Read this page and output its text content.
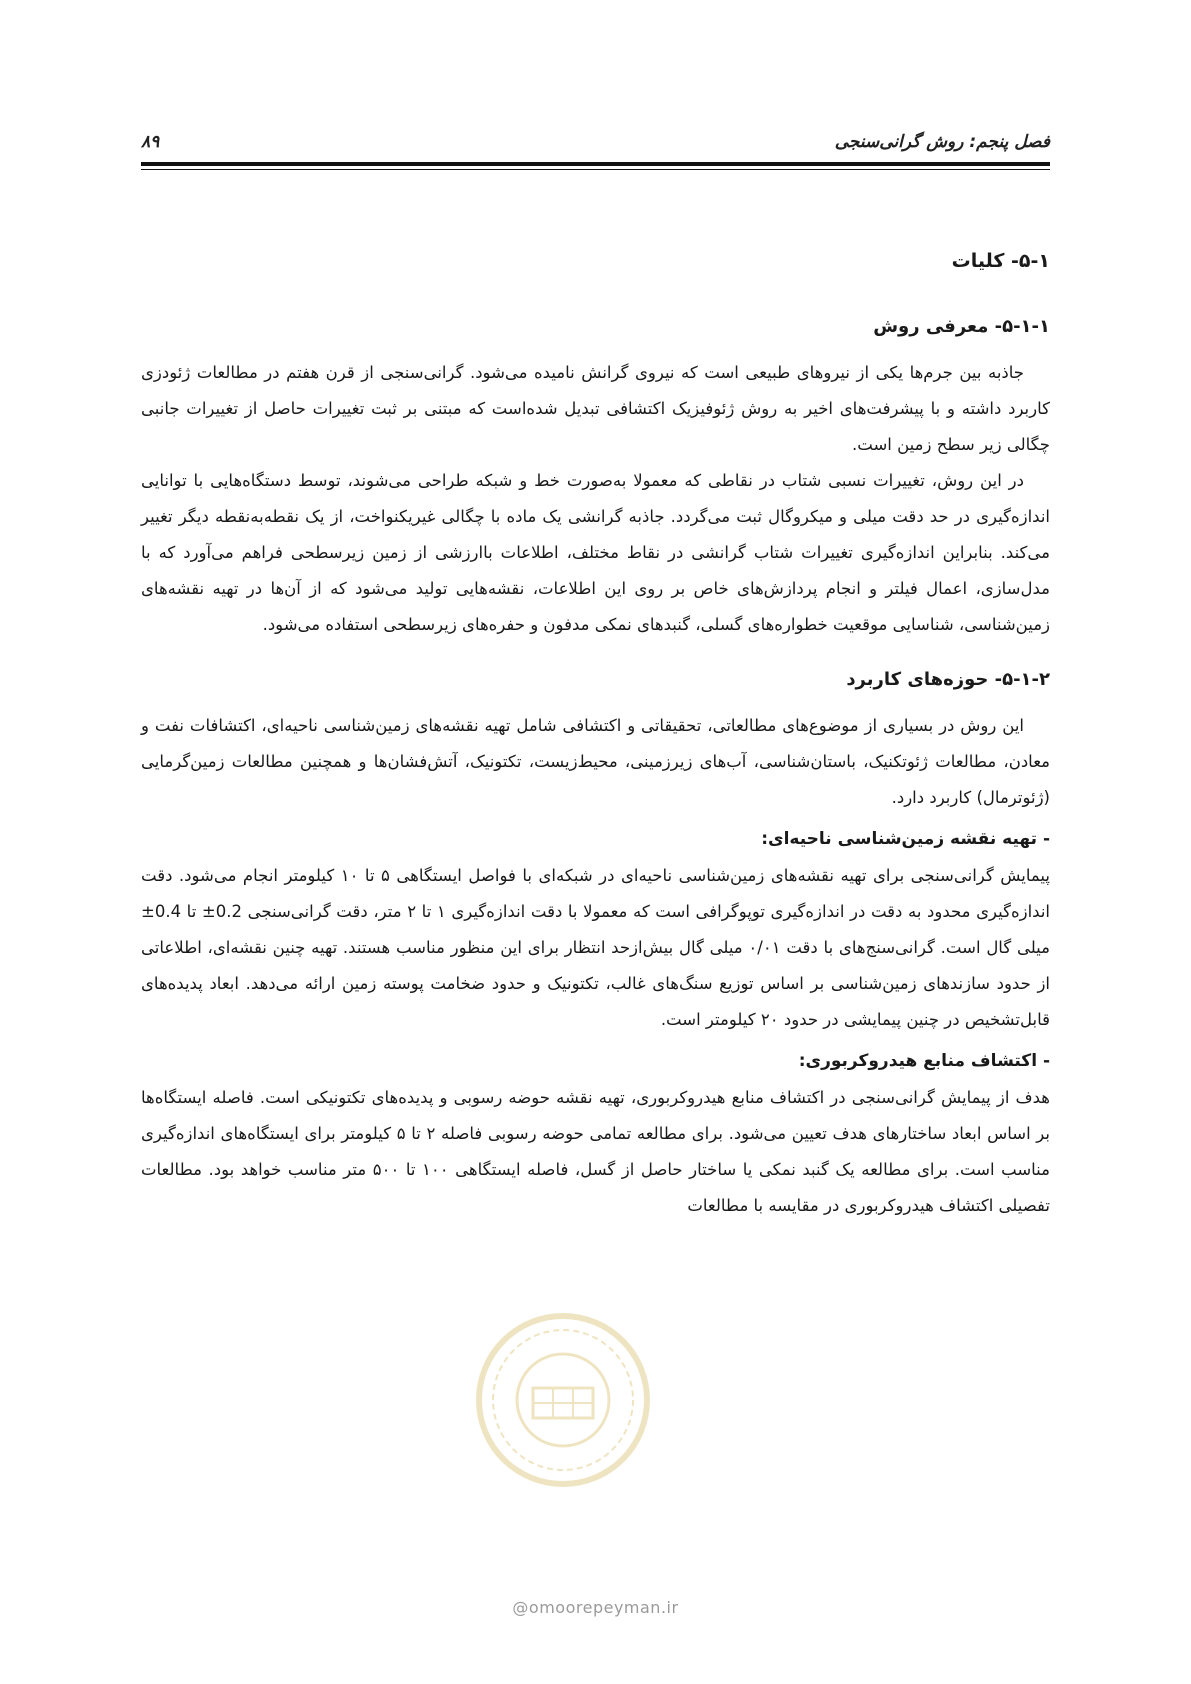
فصل پنجم: روش گرانی‌سنجی
۸۹
۵-۱- کلیات
۵-۱-۱- معرفی روش

جاذبه بین جرم‌ها یکی از نیروهای طبیعی است که نیروی گرانش نامیده می‌شود. گرانی‌سنجی از قرن هفتم در مطالعات ژئودزی کاربرد داشته و با پیشرفت‌های اخیر به روش ژئوفیزیک اکتشافی تبدیل شده‌است که مبتنی بر ثبت تغییرات حاصل از تغییرات جانبی چگالی زیر سطح زمین است.

در این روش، تغییرات نسبی شتاب در نقاطی که معمولا به‌صورت خط و شبکه طراحی می‌شوند، توسط دستگاه‌هایی با توانایی اندازه‌گیری در حد دقت میلی و میکروگال ثبت می‌گردد. جاذبه گرانشی یک ماده با چگالی غیریکنواخت، از یک نقطه‌به‌نقطه دیگر تغییر می‌کند. بنابراین اندازه‌گیری تغییرات شتاب گرانشی در نقاط مختلف، اطلاعات باارزشی از زمین زیرسطحی فراهم می‌آورد که با مدل‌سازی، اعمال فیلتر و انجام پردازش‌های خاص بر روی این اطلاعات، نقشه‌هایی تولید می‌شود که از آن‌ها در تهیه نقشه‌های زمین‌شناسی، شناسایی موقعیت خطواره‌های گسلی، گنبدهای نمکی مدفون و حفره‌های زیرسطحی استفاده می‌شود.

۵-۱-۲- حوزه‌های کاربرد

این روش در بسیاری از موضوع‌های مطالعاتی، تحقیقاتی و اکتشافی شامل تهیه نقشه‌های زمین‌شناسی ناحیه‌ای، اکتشافات نفت و معادن، مطالعات ژئوتکنیک، باستان‌شناسی، آب‌های زیرزمینی، محیط‌زیست، تکتونیک، آتش‌فشان‌ها و همچنین مطالعات زمین‌گرمایی (ژئوترمال) کاربرد دارد.

- تهیه نقشه زمین‌شناسی ناحیه‌ای:

پیمایش گرانی‌سنجی برای تهیه نقشه‌های زمین‌شناسی ناحیه‌ای در شبکه‌ای با فواصل ایستگاهی ۵ تا ۱۰ کیلومتر انجام می‌شود. دقت اندازه‌گیری محدود به دقت در اندازه‌گیری توپوگرافی است که معمولا با دقت اندازه‌گیری ۱ تا ۲ متر، دقت گرانی‌سنجی 0.2± تا 0.4± میلی گال است. گرانی‌سنج‌های با دقت ۰/۰۱ میلی گال بیش‌ازحد انتظار برای این منظور مناسب هستند. تهیه چنین نقشه‌ای، اطلاعاتی از حدود سازندهای زمین‌شناسی بر اساس توزیع سنگ‌های غالب، تکتونیک و حدود ضخامت پوسته زمین ارائه می‌دهد. ابعاد پدیده‌های قابل‌تشخیص در چنین پیمایشی در حدود ۲۰ کیلومتر است.

- اکتشاف منابع هیدروکربوری:

هدف از پیمایش گرانی‌سنجی در اکتشاف منابع هیدروکربوری، تهیه نقشه حوضه رسوبی و پدیده‌های تکتونیکی است. فاصله ایستگاه‌ها بر اساس ابعاد ساختارهای هدف تعیین می‌شود. برای مطالعه تمامی حوضه رسوبی فاصله ۲ تا ۵ کیلومتر برای ایستگاه‌های اندازه‌گیری مناسب است. برای مطالعه یک گنبد نمکی یا ساختار حاصل از گسل، فاصله ایستگاهی ۱۰۰ تا ۵۰۰ متر مناسب خواهد بود. مطالعات تفصیلی اکتشاف هیدروکربوری در مقایسه با مطالعات

@omoorepeyman.ir
